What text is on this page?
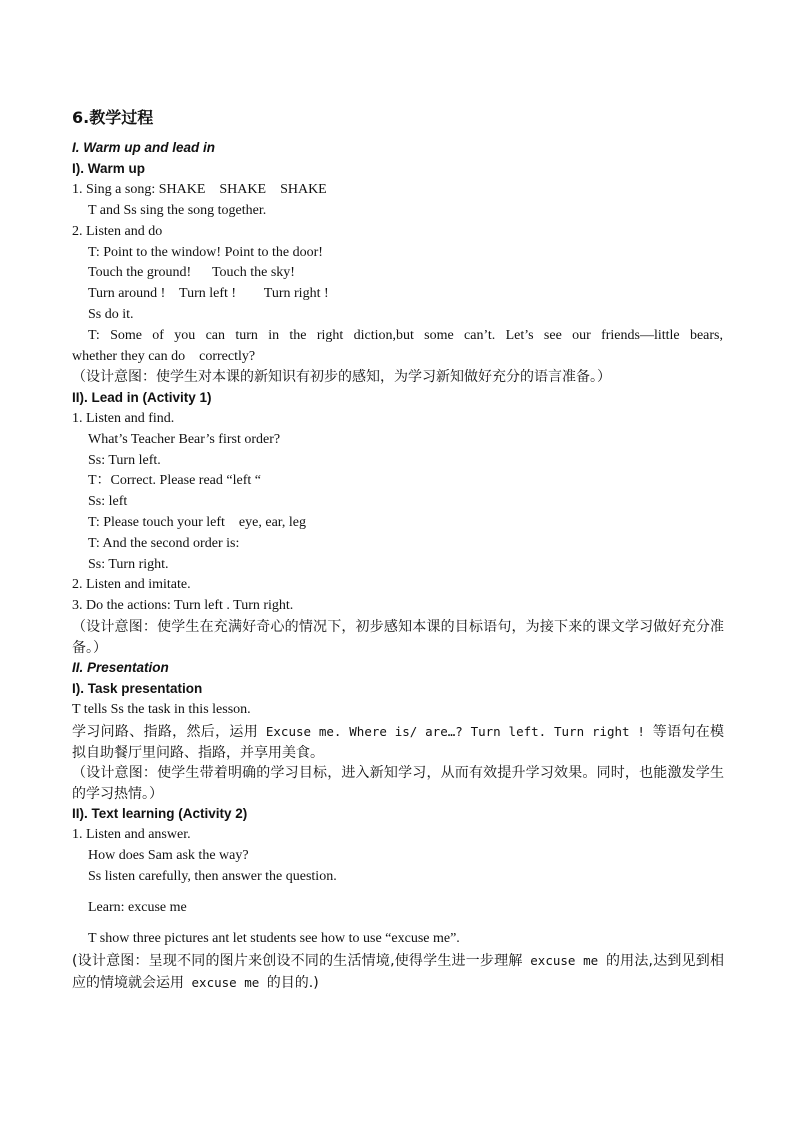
6.教学过程
I. Warm up and lead in
I). Warm up
1. Sing a song: SHAKE    SHAKE    SHAKE
T and Ss sing the song together.
2. Listen and do
T: Point to the window! Point to the door!
Touch the ground!      Touch the sky!
Turn around !    Turn left !        Turn right !
Ss do it.
T: Some of you can turn in the right diction,but some can’t. Let’s see our friends—little bears,
whether they can do    correctly?
（设计意图：使学生对本课的新知识有初步的感知，为学习新知做好充分的语言准备。）
II). Lead in (Activity 1)
1. Listen and find.
What’s Teacher Bear’s first order?
Ss: Turn left.
T：Correct. Please read “left “
Ss: left
T: Please touch your left    eye, ear, leg
T: And the second order is:
Ss: Turn right.
2. Listen and imitate.
3. Do the actions: Turn left . Turn right.
（设计意图：使学生在充满好奇心的情况下，初步感知本课的目标语句，为接下来的课文学习做好充分准备。）
II. Presentation
I). Task presentation
T tells Ss the task in this lesson.
学习问路、指路，然后，运用 Excuse me. Where is/ are…? Turn left. Turn right ! 等语句在模拟自助餐厅里问路、指路，并享用美食。
（设计意图：使学生带着明确的学习目标，进入新知学习，从而有效提升学习效果。同时，也能激发学生的学习热情。）
II). Text learning (Activity 2)
1. Listen and answer.
How does Sam ask the way?
Ss listen carefully, then answer the question.
Learn: excuse me
T show three pictures ant let students see how to use “excuse me”.
(设计意图：呈现不同的图片来创设不同的生活情境,使得学生进一步理解 excuse me 的用法,达到见到相应的情境就会运用 excuse me 的目的.)
